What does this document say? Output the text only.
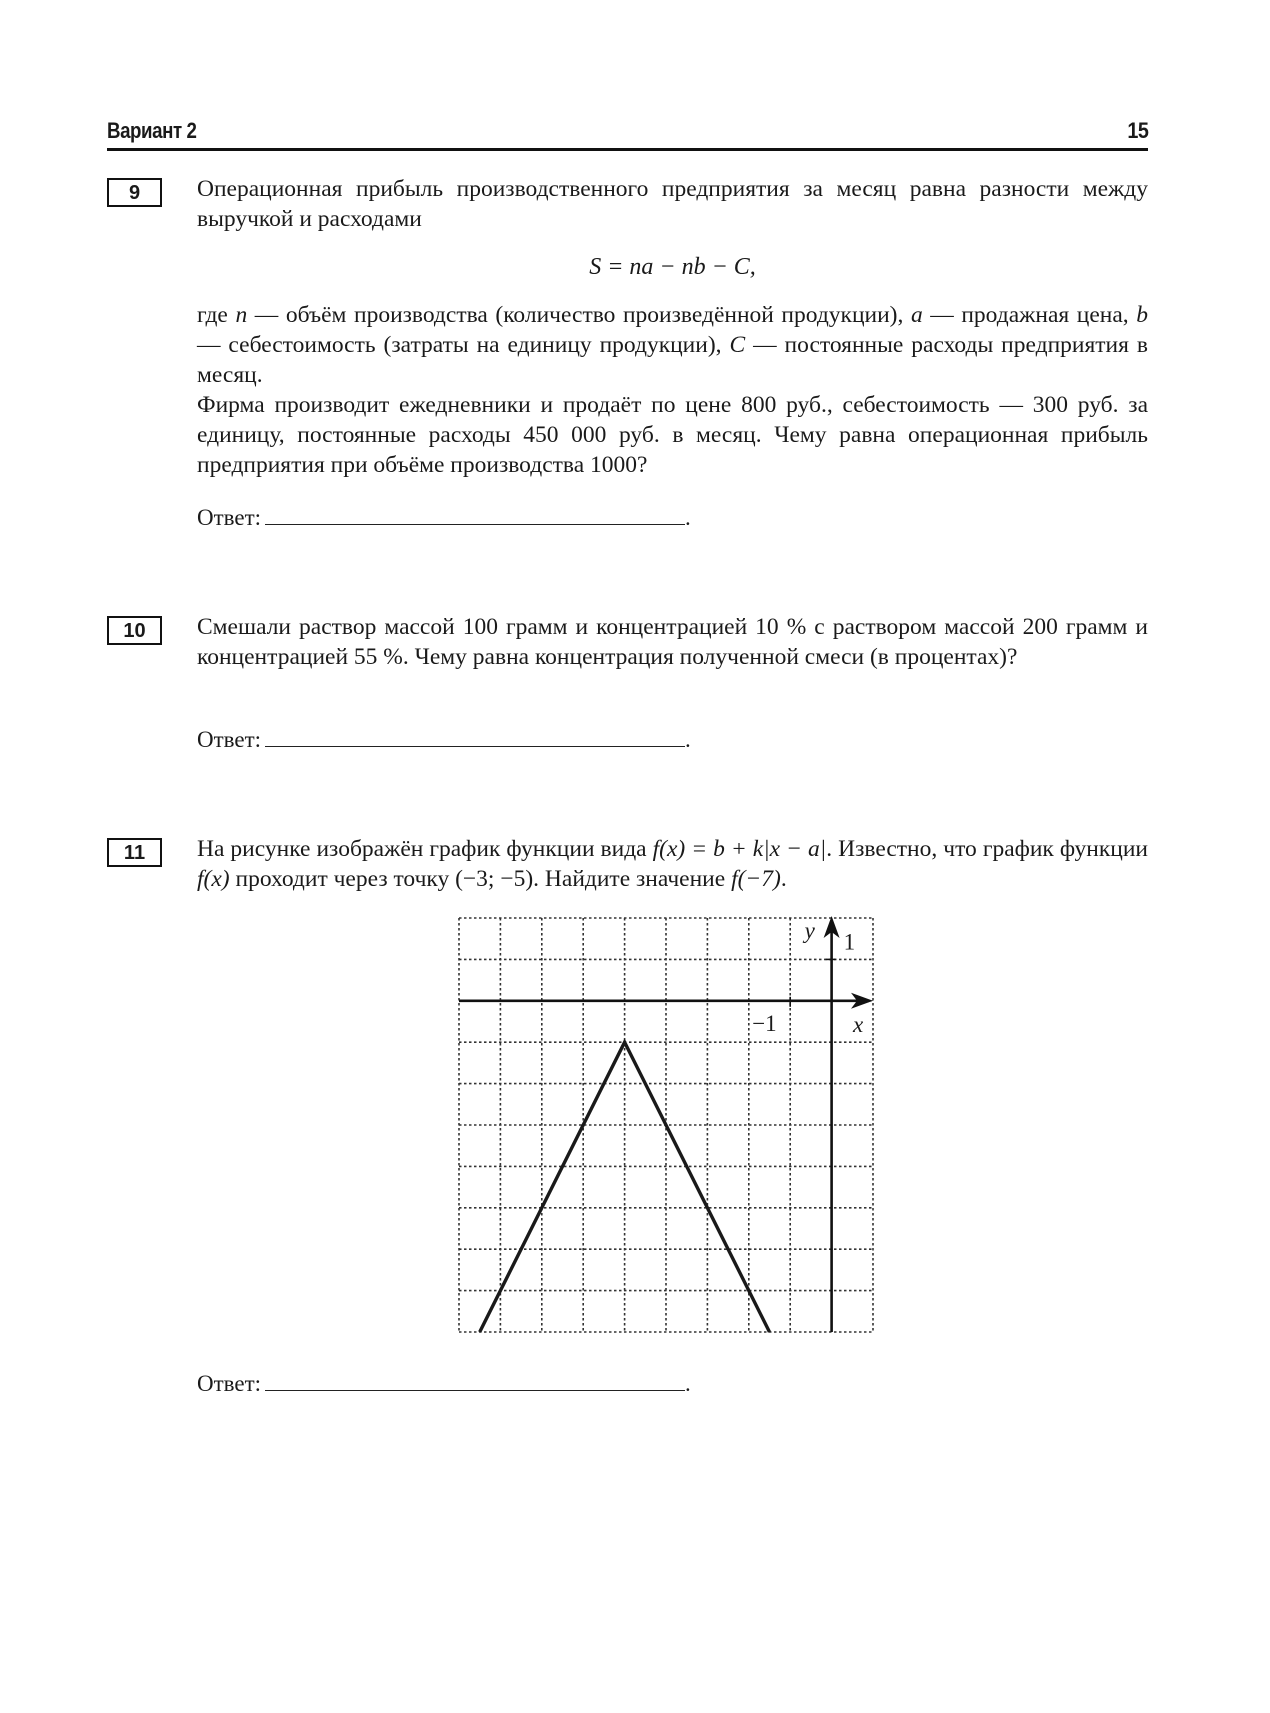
Вариант 2	15
9	Операционная прибыль производственного предприятия за месяц равна разности между выручкой и расходами

S = na − nb − C,

где n — объём производства (количество произведённой продукции), a — продажная цена, b — себестоимость (затраты на единицу продукции), C — постоянные расходы предприятия в месяц.

Фирма производит ежедневники и продаёт по цене 800 руб., себестоимость — 300 руб. за единицу, постоянные расходы 450 000 руб. в месяц. Чему равна операционная прибыль предприятия при объёме производства 1000?

Ответ:	.
10	Смешали раствор массой 100 грамм и концентрацией 10 % с раствором массой 200 грамм и концентрацией 55 %. Чему равна концентрация полученной смеси (в процентах)?

Ответ:	.
11	На рисунке изображён график функции вида f(x) = b + k|x − a|. Известно, что график функции f(x) проходит через точку (−3; −5). Найдите значение f(−7).

Ответ:	.
−1
1
x
y
